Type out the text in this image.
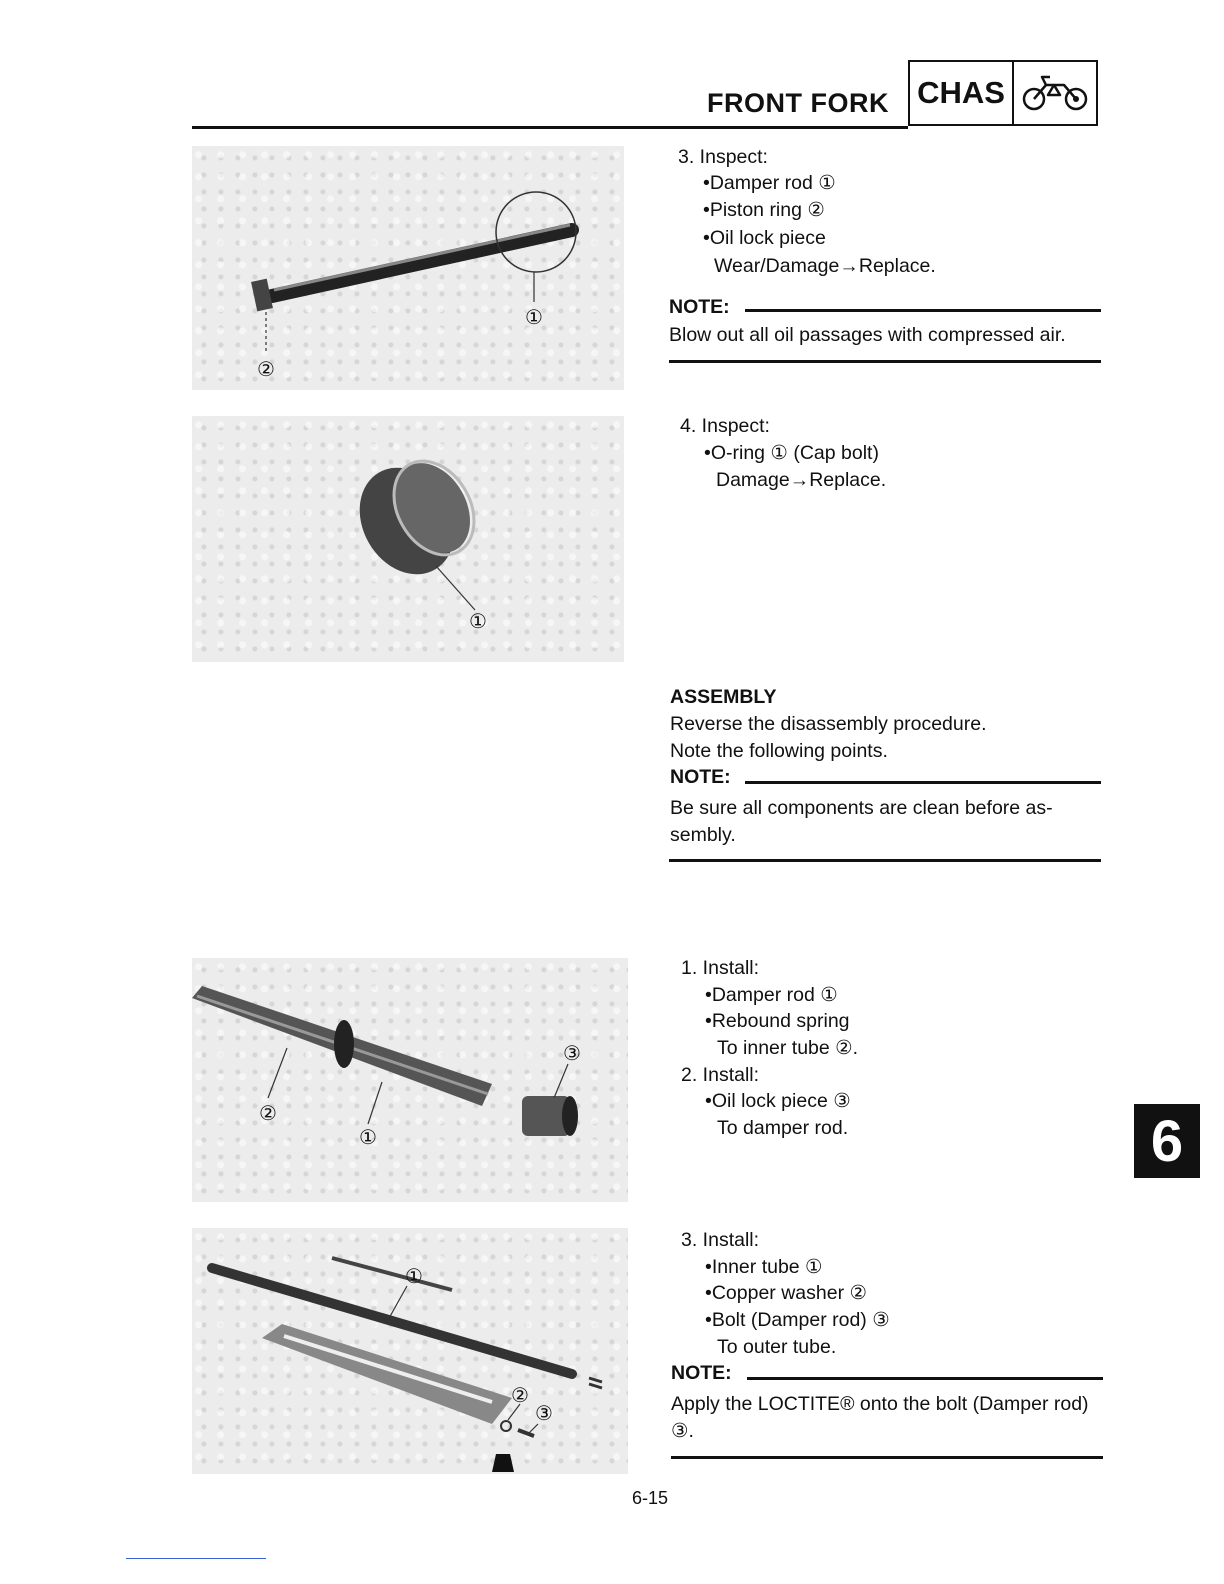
FRONT FORK CHAS
①
②
①
③
②
①
①
②
③
3. Inspect:
•Damper rod ①
•Piston ring ②
•Oil lock piece
Wear/Damage→Replace.
NOTE:
Blow out all oil passages with compressed air.
4. Inspect:
•O-ring ① (Cap bolt)
Damage→Replace.
ASSEMBLY
Reverse the disassembly procedure.
Note the following points.
NOTE:
Be sure all components are clean before as-
sembly.
1. Install:
•Damper rod ①
•Rebound spring
To inner tube ②.
2. Install:
•Oil lock piece ③
To damper rod.
3. Install:
•Inner tube ①
•Copper washer ②
•Bolt (Damper rod) ③
To outer tube.
NOTE:
Apply the LOCTITE® onto the bolt (Damper rod)
③.
6
6-15
